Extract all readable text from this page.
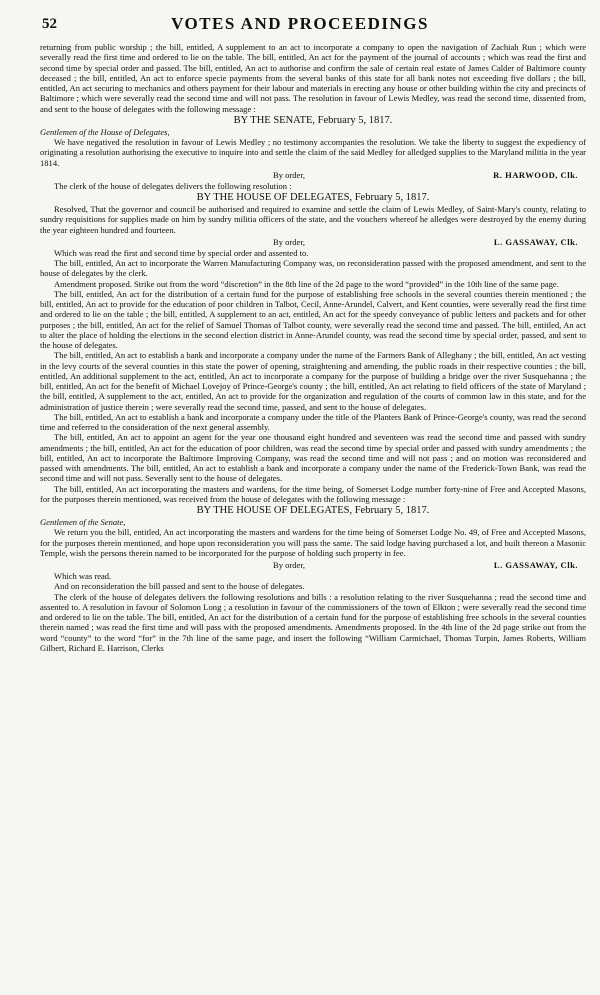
52	VOTES AND PROCEEDINGS

returning from public worship ; the bill, entitled, A supplement to an act to incorporate a company to open the navigation of Zachiah Run ; which were severally read the first time and ordered to lie on the table. The bill, entitled, An act for the payment of the journal of accounts ; which was read the first and second time by special order and passed. The bill, entitled, An act to authorise and confirm the sale of certain real estate of James Calder of Baltimore county deceased ; the bill, entitled, An act to enforce specie payments from the several banks of this state for all bank notes not exceeding five dollars ; the bill, entitled, An act securing to mechanics and others payment for their labour and materials in erecting any house or other building within the city and precincts of Baltimore ; which were severally read the second time and will not pass. The resolution in favour of Lewis Medley, was read the second time, dissented from, and sent to the house of delegates with the following message :

BY THE SENATE, February 5, 1817.

Gentlemen of the House of Delegates,

We have negatived the resolution in favour of Lewis Medley ; no testimony accompanies the resolution. We take the liberty to suggest the expediency of originating a resolution authorising the executive to inquire into and settle the claim of the said Medley for alledged supplies to the Maryland militia in the year 1814.

By order,	R. HARWOOD, Clk.

The clerk of the house of delegates delivers the following resolution :

BY THE HOUSE OF DELEGATES, February 5, 1817.

Resolved, That the governor and council be authorised and required to examine and settle the claim of Lewis Medley, of Saint-Mary's county, relating to sundry requisitions for supplies made on him by sundry militia officers of the state, and the vouchers whereof he alledges were destroyed by the enemy during the year eighteen hundred and fourteen.

By order,	L. GASSAWAY, Clk.

Which was read the first and second time by special order and assented to.

The bill, entitled, An act to incorporate the Warren Manufacturing Company was, on reconsideration passed with the proposed amendment, and sent to the house of delegates by the clerk.

Amendment proposed. Strike out from the word “discretion” in the 8th line of the 2d page to the word “provided” in the 10th line of the same page.

The bill, entitled, An act for the distribution of a certain fund for the purpose of establishing free schools in the several counties therein mentioned ; the bill, entitled, An act to provide for the education of poor children in Talbot, Cecil, Anne-Arundel, Calvert, and Kent counties, were severally read the first time and ordered to lie on the table ; the bill, entitled, A supplement to an act, entitled, An act for the speedy conveyance of public letters and packets and for other purposes ; the bill, entitled, An act for the relief of Samuel Thomas of Talbot county, were severally read the second time and passed. The bill, entitled, An act to alter the place of holding the elections in the second election district in Anne-Arundel county, was read the second time by special order, passed, and sent to the house of delegates.

The bill, entitled, An act to establish a bank and incorporate a company under the name of the Farmers Bank of Alleghany ; the bill, entitled, An act vesting in the levy courts of the several counties in this state the power of opening, straightening and amending, the public roads in their respective counties ; the bill, entitled, An additional supplement to the act, entitled, An act to incorporate a company for the purpose of building a bridge over the river Susquehanna ; the bill, entitled, An act for the benefit of Michael Lovejoy of Prince-George's county ; the bill, entitled, An act relating to field officers of the state of Maryland ; the bill, entitled, A supplement to the act, entitled, An act to provide for the organization and regulation of the courts of common law in this state, and for the administration of justice therein ; were severally read the second time, passed, and sent to the house of delegates.

The bill, entitled, An act to establish a bank and incorporate a company under the title of the Planters Bank of Prince-George's county, was read the second time and referred to the consideration of the next general assembly.

The bill, entitled, An act to appoint an agent for the year one thousand eight hundred and seventeen was read the second time and passed with sundry amendments ; the bill, entitled, An act for the education of poor children, was read the second time by special order and passed with sundry amendments ; the bill, entitled, An act to incorporate the Baltimore Improving Company, was read the second time and will not pass ; and on motion was reconsidered and passed with amendments. The bill, entitled, An act to establish a bank and incorporate a company under the name of the Frederick-Town Bank, was read the second time and will not pass. Severally sent to the house of delegates.

The bill, entitled, An act incorporating the masters and wardens, for the time being, of Somerset Lodge number forty-nine of Free and Accepted Masons, for the purposes therein mentioned, was received from the house of delegates with the following message :

BY THE HOUSE OF DELEGATES, February 5, 1817.

Gentlemen of the Senate,

We return you the bill, entitled, An act incorporating the masters and wardens for the time being of Somerset Lodge No. 49, of Free and Accepted Masons, for the purposes therein mentioned, and hope upon reconsideration you will pass the same. The said lodge having purchased a lot, and built thereon a Masonic Temple, wish the persons therein named to be incorporated for the purpose of holding such property in fee.

By order,	L. GASSAWAY, Clk.

Which was read.

And on reconsideration the bill passed and sent to the house of delegates.

The clerk of the house of delegates delivers the following resolutions and bills : a resolution relating to the river Susquehanna ; read the second time and assented to. A resolution in favour of Solomon Long ; a resolution in favour of the commissioners of the town of Elkton ; were severally read the second time and ordered to lie on the table. The bill, entitled, An act for the distribution of a certain fund for the purpose of establishing free schools in the several counties therein named ; was read the first time and will pass with the proposed amendments. Amendments proposed. In the 4th line of the 2d page strike out from the word “county” to the word “for” in the 7th line of the same page, and insert the following “William Carmichael, Thomas Turpin, James Roberts, William Gilbert, Richard E. Harrison, Clerks
